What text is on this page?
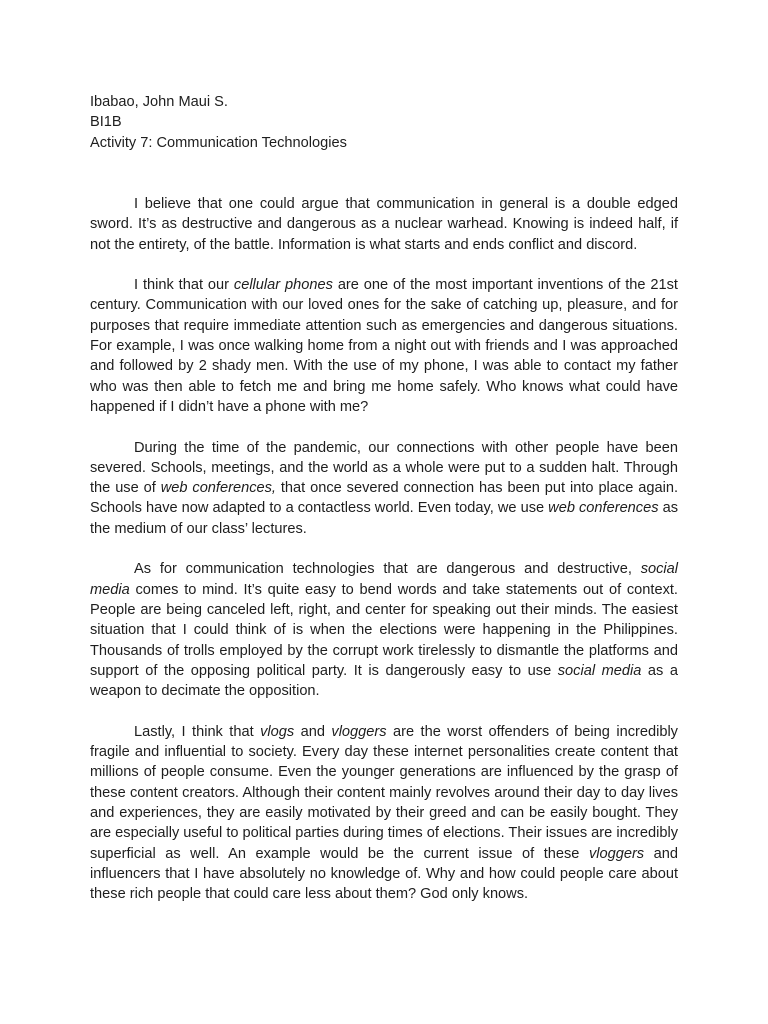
Ibabao, John Maui S.
BI1B
Activity 7: Communication Technologies

I believe that one could argue that communication in general is a double edged sword. It’s as destructive and dangerous as a nuclear warhead. Knowing is indeed half, if not the entirety, of the battle. Information is what starts and ends conflict and discord.

I think that our cellular phones are one of the most important inventions of the 21st century. Communication with our loved ones for the sake of catching up, pleasure, and for purposes that require immediate attention such as emergencies and dangerous situations. For example, I was once walking home from a night out with friends and I was approached and followed by 2 shady men. With the use of my phone, I was able to contact my father who was then able to fetch me and bring me home safely. Who knows what could have happened if I didn’t have a phone with me?

During the time of the pandemic, our connections with other people have been severed. Schools, meetings, and the world as a whole were put to a sudden halt. Through the use of web conferences, that once severed connection has been put into place again. Schools have now adapted to a contactless world. Even today, we use web conferences as the medium of our class’ lectures.

As for communication technologies that are dangerous and destructive, social media comes to mind. It’s quite easy to bend words and take statements out of context. People are being canceled left, right, and center for speaking out their minds. The easiest situation that I could think of is when the elections were happening in the Philippines. Thousands of trolls employed by the corrupt work tirelessly to dismantle the platforms and support of the opposing political party. It is dangerously easy to use social media as a weapon to decimate the opposition.

Lastly, I think that vlogs and vloggers are the worst offenders of being incredibly fragile and influential to society. Every day these internet personalities create content that millions of people consume. Even the younger generations are influenced by the grasp of these content creators. Although their content mainly revolves around their day to day lives and experiences, they are easily motivated by their greed and can be easily bought. They are especially useful to political parties during times of elections. Their issues are incredibly superficial as well. An example would be the current issue of these vloggers and influencers that I have absolutely no knowledge of. Why and how could people care about these rich people that could care less about them? God only knows.
